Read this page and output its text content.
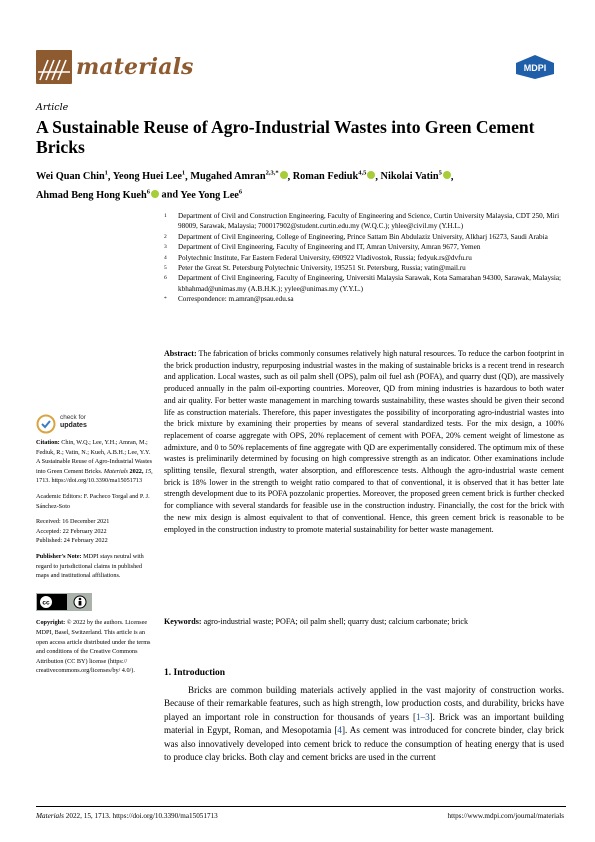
materials	MDPI
Article
A Sustainable Reuse of Agro-Industrial Wastes into Green Cement Bricks
Wei Quan Chin$^1$, Yeong Huei Lee$^1$, Mugahed Amran$^{2,3,*}$ , Roman Fediuk$^{4,5}$ , Nikolai Vatin$^5$ ,
Ahmad Beng Hong Kueh$^6$ and Yee Yong Lee$^6$
1	Department of Civil and Construction Engineering, Faculty of Engineering and Science, Curtin University Malaysia, CDT 250, Miri 98009, Sarawak, Malaysia; 700017902@student.curtin.edu.my (W.Q.C.); yhlee@civil.my (Y.H.L.)
2	Department of Civil Engineering, College of Engineering, Prince Sattam Bin Abdulaziz University, Alkharj 16273, Saudi Arabia
3	Department of Civil Engineering, Faculty of Engineering and IT, Amran University, Amran 9677, Yemen
4	Polytechnic Institute, Far Eastern Federal University, 690922 Vladivostok, Russia; fedyuk.rs@dvfu.ru
5	Peter the Great St. Petersburg Polytechnic University, 195251 St. Petersburg, Russia; vatin@mail.ru
6	Department of Civil Engineering, Faculty of Engineering, Universiti Malaysia Sarawak, Kota Samarahan 94300, Sarawak, Malaysia; kbhahmad@unimas.my (A.B.H.K.); yylee@unimas.my (Y.Y.L.)
*	Correspondence: m.amran@psau.edu.sa
Abstract: The fabrication of bricks commonly consumes relatively high natural resources. To reduce the carbon footprint in the brick production industry, repurposing industrial wastes in the making of sustainable bricks is a recent trend in research and application. Local wastes, such as oil palm shell (OPS), palm oil fuel ash (POFA), and quarry dust (QD), are massively produced annually in the palm oil-exporting countries. Moreover, QD from mining industries is hazardous to both water and air quality. For better waste management in marching towards sustainability, these wastes should be given their second life as construction materials. Therefore, this paper investigates the possibility of incorporating agro-industrial wastes into the brick mixture by examining their properties by means of several standardized tests. For the mix design, a 100% replacement of coarse aggregate with OPS, 20% replacement of cement with POFA, 20% cement weight of limestone as admixture, and 0 to 50% replacements of fine aggregate with QD are experimentally considered. The optimum mix of these wastes is preliminarily determined by focusing on high compressive strength as an indicator. Other examinations include splitting tensile, flexural strength, water absorption, and efflorescence tests. Although the agro-industrial waste cement brick is 18% lower in the strength to weight ratio compared to that of conventional, it is observed that it has better late strength development due to its POFA pozzolanic properties. Moreover, the proposed green cement brick is further checked for compliance with several standards for feasible use in the construction industry. Financially, the cost for the brick with the new mix design is almost equivalent to that of conventional. Hence, this green cement brick is reasonable to be employed in the construction industry to promote material sustainability for better waste management.
Keywords: agro-industrial waste; POFA; oil palm shell; quarry dust; calcium carbonate; brick
check for
updates
Citation: Chin, W.Q.; Lee, Y.H.; Amran, M.; Fediuk, R.; Vatin, N.; Kueh, A.B.H.; Lee, Y.Y. A Sustainable Reuse of Agro-Industrial Wastes into Green Cement Bricks. Materials 2022, 15, 1713. https://doi.org/10.3390/ma15051713
Academic Editors: F. Pacheco Torgal and P. J. Sánchez-Soto
Received: 16 December 2021
Accepted: 22 February 2022
Published: 24 February 2022
Publisher's Note: MDPI stays neutral with regard to jurisdictional claims in published maps and institutional affiliations.
cc
Copyright: © 2022 by the authors. Licensee MDPI, Basel, Switzerland. This article is an open access article distributed under the terms and conditions of the Creative Commons Attribution (CC BY) license (https:// creativecommons.org/licenses/by/ 4.0/).	1. Introduction
Bricks are common building materials actively applied in the vast majority of construction works. Because of their remarkable features, such as high strength, low production costs, and durability, bricks have played an important role in construction for thousands of years [1–3]. Brick was an important building material in Egypt, Roman, and Mesopotamia [4]. As cement was introduced for concrete binder, clay brick was also innovatively developed into cement brick to reduce the consumption of heating energy that is used to produce clay bricks. Both clay and cement bricks are used in the current
Materials 2022, 15, 1713. https://doi.org/10.3390/ma15051713	https://www.mdpi.com/journal/materials
